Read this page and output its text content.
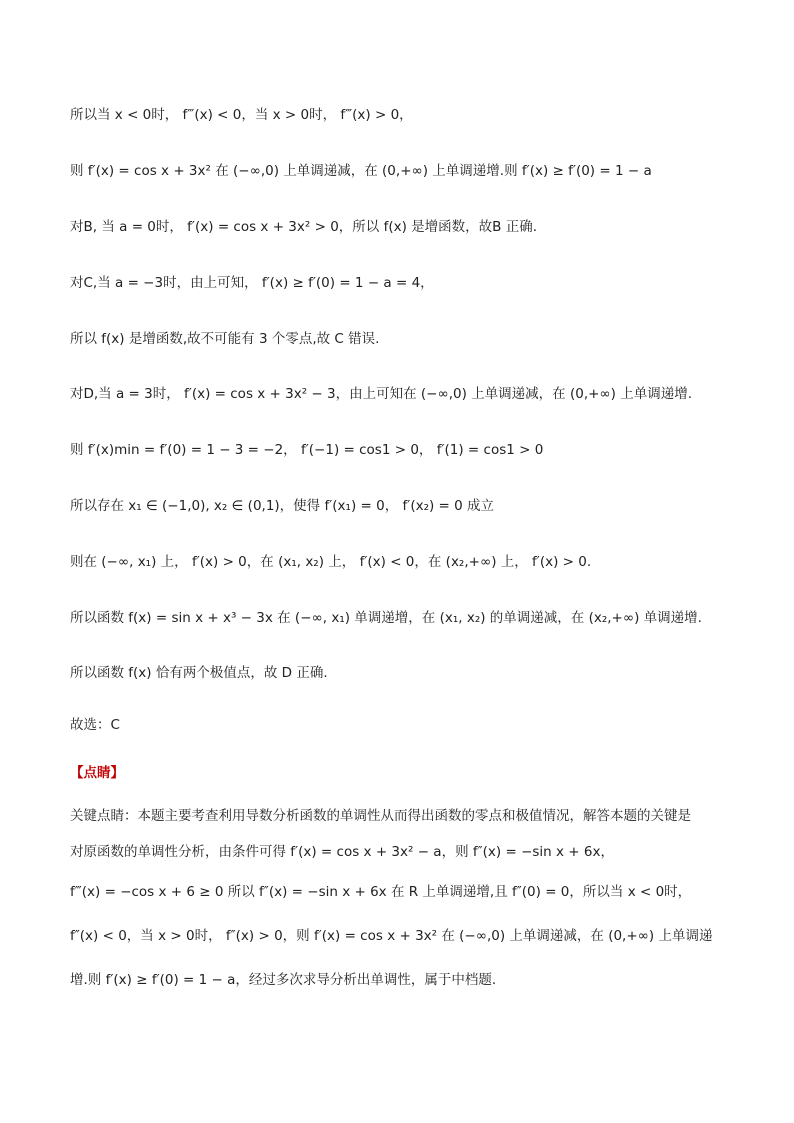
所以当 x < 0时， f‴(x) < 0，当 x > 0时， f‴(x) > 0，
则 f′(x) = cos x + 3x² 在 (−∞,0) 上单调递减，在 (0,+∞) 上单调递增.则 f′(x) ≥ f′(0) = 1 − a
对B, 当 a = 0时， f′(x) = cos x + 3x² > 0，所以 f(x) 是增函数，故B 正确.
对C,当 a = −3时，由上可知， f′(x) ≥ f′(0) = 1 − a = 4，
所以 f(x) 是增函数,故不可能有 3 个零点,故 C 错误.
对D,当 a = 3时， f′(x) = cos x + 3x² − 3，由上可知在 (−∞,0) 上单调递减，在 (0,+∞) 上单调递增.
则 f′(x)min = f′(0) = 1 − 3 = −2， f′(−1) = cos1 > 0， f′(1) = cos1 > 0
所以存在 x₁ ∈ (−1,0), x₂ ∈ (0,1)，使得 f′(x₁) = 0， f′(x₂) = 0 成立
则在 (−∞, x₁) 上， f′(x) > 0，在 (x₁, x₂) 上， f′(x) < 0，在 (x₂,+∞) 上， f′(x) > 0.
所以函数 f(x) = sin x + x³ − 3x 在 (−∞, x₁) 单调递增，在 (x₁, x₂) 的单调递减，在 (x₂,+∞) 单调递增.
所以函数 f(x) 恰有两个极值点，故 D 正确.
故选：C
【点睛】
关键点睛：本题主要考查利用导数分析函数的单调性从而得出函数的零点和极值情况，解答本题的关键是
对原函数的单调性分析，由条件可得 f′(x) = cos x + 3x² − a，则 f″(x) = −sin x + 6x，
f‴(x) = −cos x + 6 ≥ 0 所以 f″(x) = −sin x + 6x 在 R 上单调递增,且 f″(0) = 0，所以当 x < 0时，
f″(x) < 0，当 x > 0时， f″(x) > 0，则 f′(x) = cos x + 3x² 在 (−∞,0) 上单调递减，在 (0,+∞) 上单调递
增.则 f′(x) ≥ f′(0) = 1 − a，经过多次求导分析出单调性，属于中档题.
